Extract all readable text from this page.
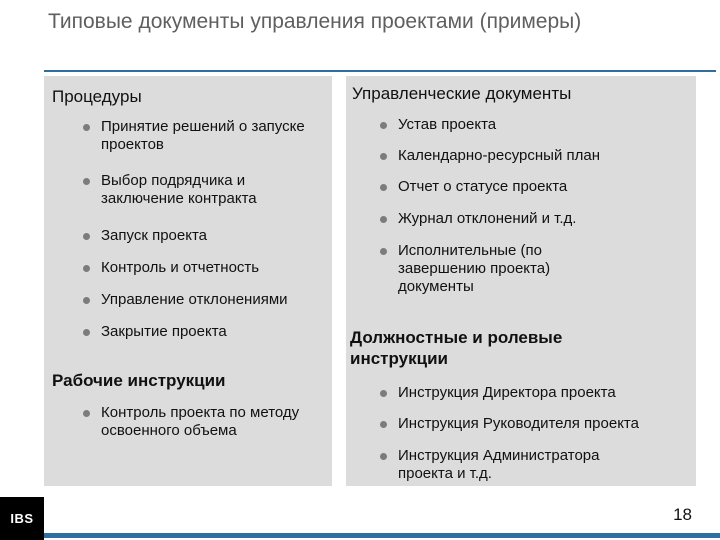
Типовые документы управления проектами (примеры)
Процедуры
Принятие решений о запуске проектов
Выбор подрядчика и заключение контракта
Запуск проекта
Контроль и отчетность
Управление отклонениями
Закрытие проекта
Рабочие инструкции
Контроль проекта по методу освоенного объема
Управленческие документы
Устав проекта
Календарно-ресурсный план
Отчет о статусе проекта
Журнал отклонений и т.д.
Исполнительные (по завершению проекта) документы
Должностные и ролевые инструкции
Инструкция Директора проекта
Инструкция Руководителя проекта
Инструкция Администратора проекта и т.д.
IBS	18
